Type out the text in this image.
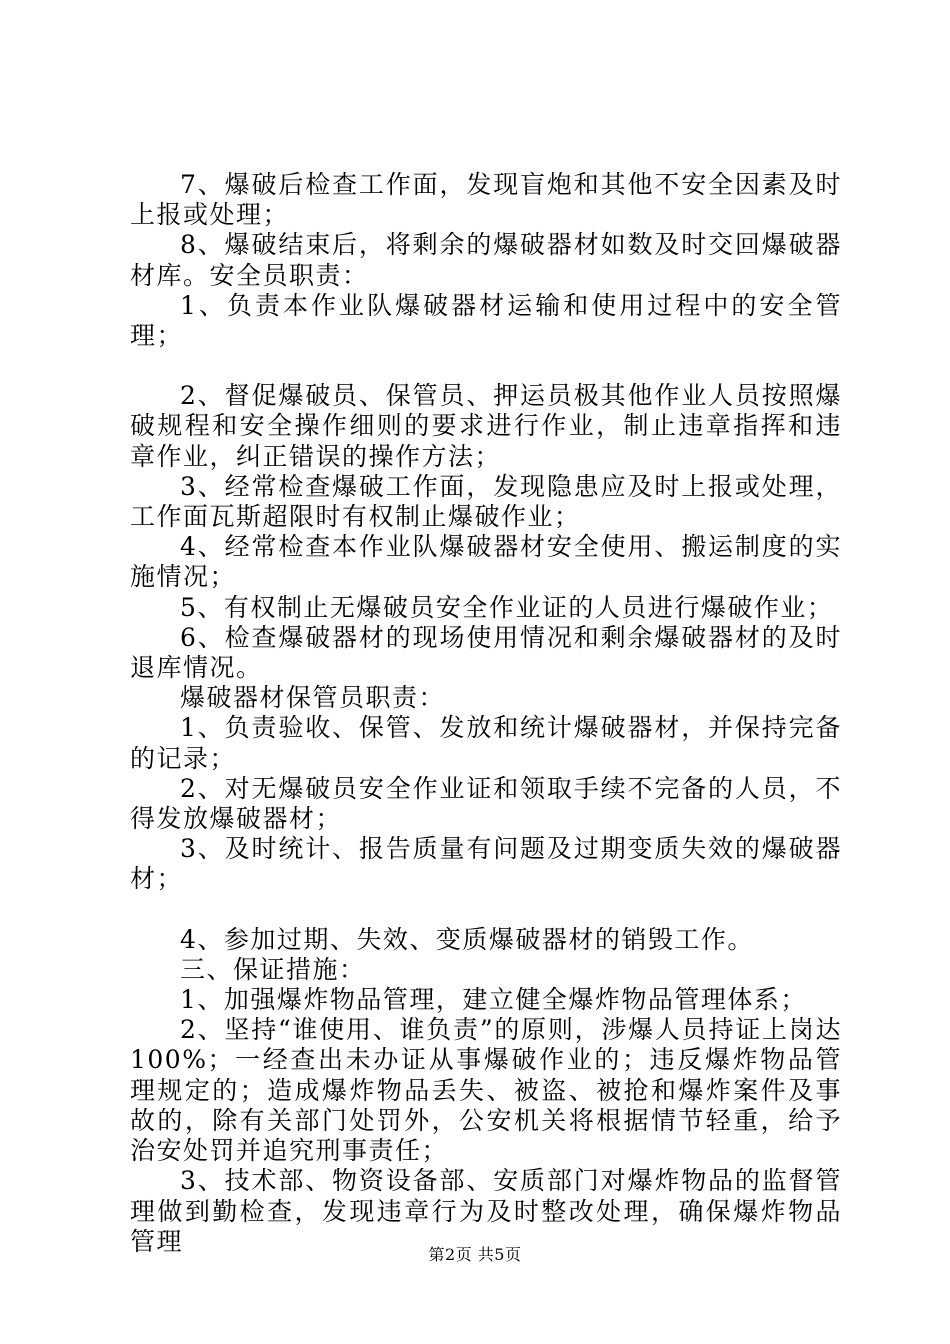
7、爆破后检查工作面，发现盲炮和其他不安全因素及时上报或处理；

8、爆破结束后，将剩余的爆破器材如数及时交回爆破器材库。安全员职责：

1、负责本作业队爆破器材运输和使用过程中的安全管理；

2、督促爆破员、保管员、押运员极其他作业人员按照爆破规程和安全操作细则的要求进行作业，制止违章指挥和违章作业，纠正错误的操作方法；

3、经常检查爆破工作面，发现隐患应及时上报或处理，工作面瓦斯超限时有权制止爆破作业；

4、经常检查本作业队爆破器材安全使用、搬运制度的实施情况；

5、有权制止无爆破员安全作业证的人员进行爆破作业；

6、检查爆破器材的现场使用情况和剩余爆破器材的及时退库情况。

爆破器材保管员职责：

1、负责验收、保管、发放和统计爆破器材，并保持完备的记录；

2、对无爆破员安全作业证和领取手续不完备的人员，不得发放爆破器材；

3、及时统计、报告质量有问题及过期变质失效的爆破器材；

4、参加过期、失效、变质爆破器材的销毁工作。

三、保证措施：

1、加强爆炸物品管理，建立健全爆炸物品管理体系；

2、坚持“谁使用、谁负责”的原则，涉爆人员持证上岗达100%；一经查出未办证从事爆破作业的；违反爆炸物品管理规定的；造成爆炸物品丢失、被盗、被抢和爆炸案件及事故的，除有关部门处罚外，公安机关将根据情节轻重，给予治安处罚并追究刑事责任；

3、技术部、物资设备部、安质部门对爆炸物品的监督管理做到勤检查，发现违章行为及时整改处理，确保爆炸物品管理	第2页 共5页
